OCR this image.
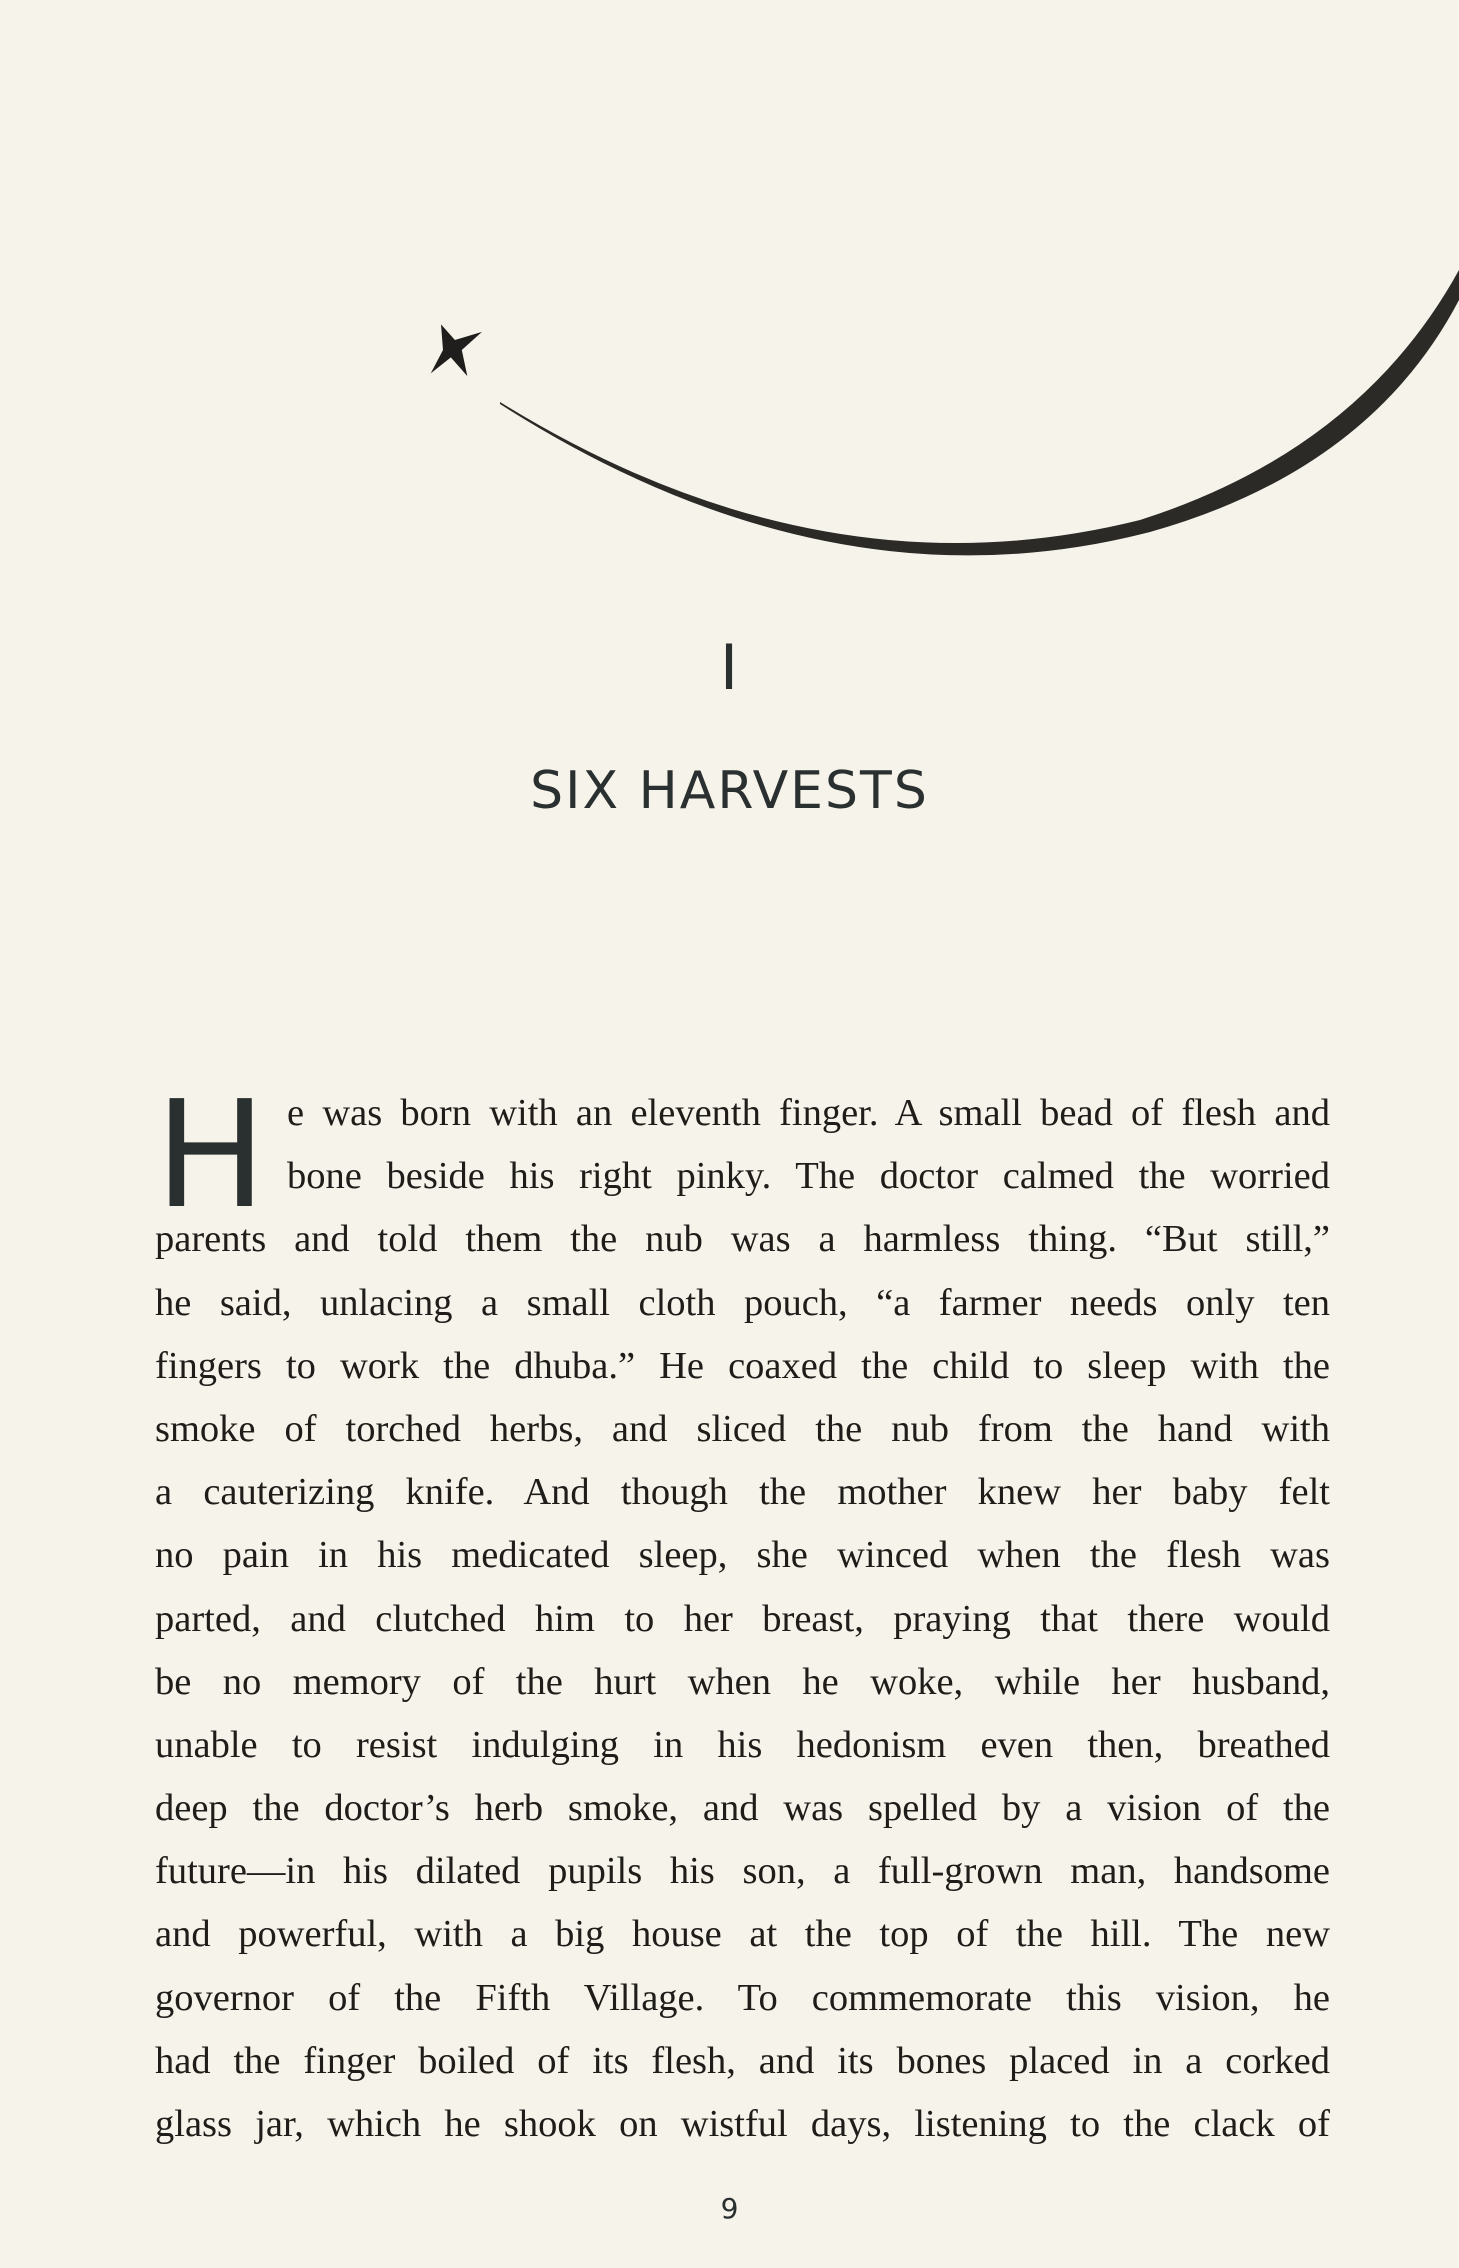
I
SIX HARVESTS
H e was born with an eleventh finger. A small bead of flesh and
bone beside his right pinky. The doctor calmed the worried
parents and told them the nub was a harmless thing. “But still,”
he said, unlacing a small cloth pouch, “a farmer needs only ten
fingers to work the dhuba.” He coaxed the child to sleep with the
smoke of torched herbs, and sliced the nub from the hand with
a cauterizing knife. And though the mother knew her baby felt
no pain in his medicated sleep, she winced when the flesh was
parted, and clutched him to her breast, praying that there would
be no memory of the hurt when he woke, while her husband,
unable to resist indulging in his hedonism even then, breathed
deep the doctor’s herb smoke, and was spelled by a vision of the
future—in his dilated pupils his son, a full-grown man, handsome
and powerful, with a big house at the top of the hill. The new
governor of the Fifth Village. To commemorate this vision, he
had the finger boiled of its flesh, and its bones placed in a corked
glass jar, which he shook on wistful days, listening to the clack of
9
